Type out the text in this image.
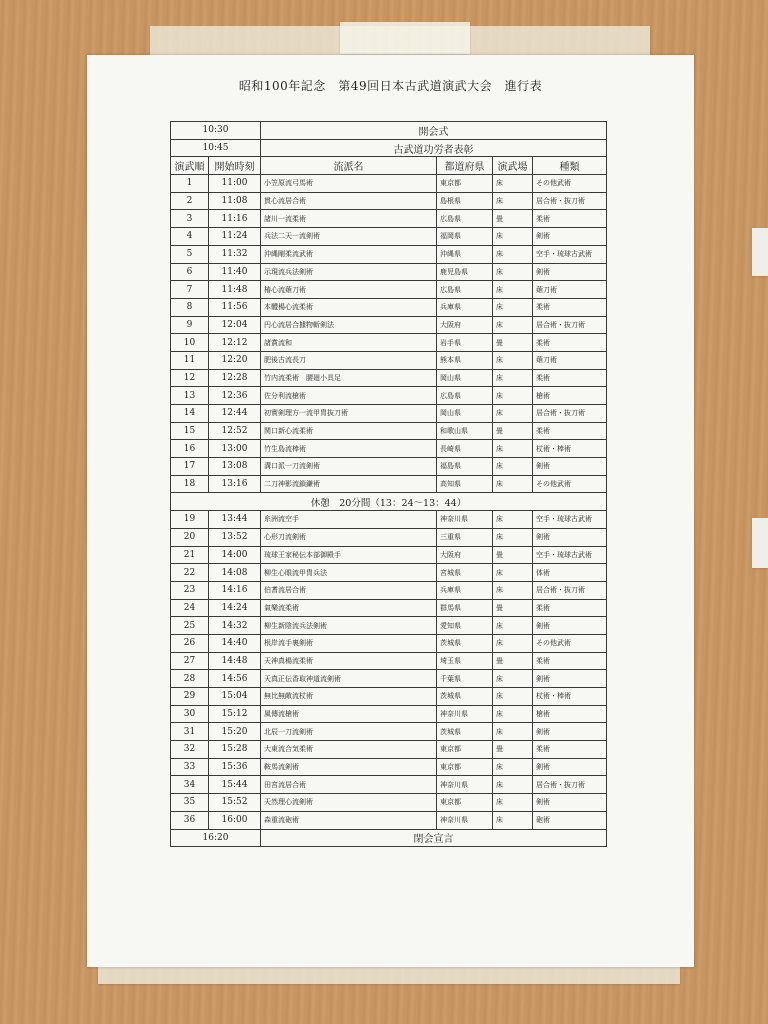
昭和100年記念　第49回日本古武道演武大会　進行表
10:30		開会式			
10:45		古武道功労者表彰			
演武順	開始時刻	流派名	都道府県	演武場	種類
1	11:00	小笠原流弓馬術	東京都	床	その他武術
2	11:08	貫心流居合術	島根県	床	居合術・抜刀術
3	11:16	諸川一流柔術	広島県	畳	柔術
4	11:24	兵法二天一流剣術	福岡県	床	剣術
5	11:32	沖縄剛柔流武術	沖縄県	床	空手・琉球古武術
6	11:40	示現流兵法剣術	鹿児島県	床	剣術
7	11:48	椿心流薙刀術	広島県	床	薙刀術
8	11:56	本體楊心流柔術	兵庫県	床	柔術
9	12:04	円心流居合據物斬剣法	大阪府	床	居合術・抜刀術
10	12:12	諸賞流和	岩手県	畳	柔術
11	12:20	肥後古流長刀	熊本県	床	薙刀術
12	12:28	竹内流柔術　腰廻小具足	岡山県	床	柔術
13	12:36	佐分利流槍術	広島県	床	槍術
14	12:44	初實剣理方一流甲冑抜刀術	岡山県	床	居合術・抜刀術
15	12:52	関口新心流柔術	和歌山県	畳	柔術
16	13:00	竹生島流棒術	長崎県	床	杖術・棒術
17	13:08	溝口派一刀流剣術	福島県	床	剣術
18	13:16	二刀神影流鎖鎌術	高知県	床	その他武術
休憩　20分間（13：24〜13：44）					
19	13:44	糸洲流空手	神奈川県	床	空手・琉球古武術
20	13:52	心形刀流剣術	三重県	床	剣術
21	14:00	琉球王家秘伝本部御殿手	大阪府	畳	空手・琉球古武術
22	14:08	柳生心眼流甲冑兵法	宮城県	床	体術
23	14:16	伯耆流居合術	兵庫県	床	居合術・抜刀術
24	14:24	氣樂流柔術	群馬県	畳	柔術
25	14:32	柳生新陰流兵法剣術	愛知県	床	剣術
26	14:40	根岸流手裏剣術	茨城県	床	その他武術
27	14:48	天神真楊流柔術	埼玉県	畳	柔術
28	14:56	天真正伝香取神道流剣術	千葉県	床	剣術
29	15:04	無比無敵流杖術	茨城県	床	杖術・棒術
30	15:12	風傳流槍術	神奈川県	床	槍術
31	15:20	北辰一刀流剣術	茨城県	床	剣術
32	15:28	大東流合気柔術	東京都	畳	柔術
33	15:36	鞍馬流剣術	東京都	床	剣術
34	15:44	田宮流居合術	神奈川県	床	居合術・抜刀術
35	15:52	天然理心流剣術	東京都	床	剣術
36	16:00	森重流砲術	神奈川県	床	砲術
16:20		閉会宣言			
